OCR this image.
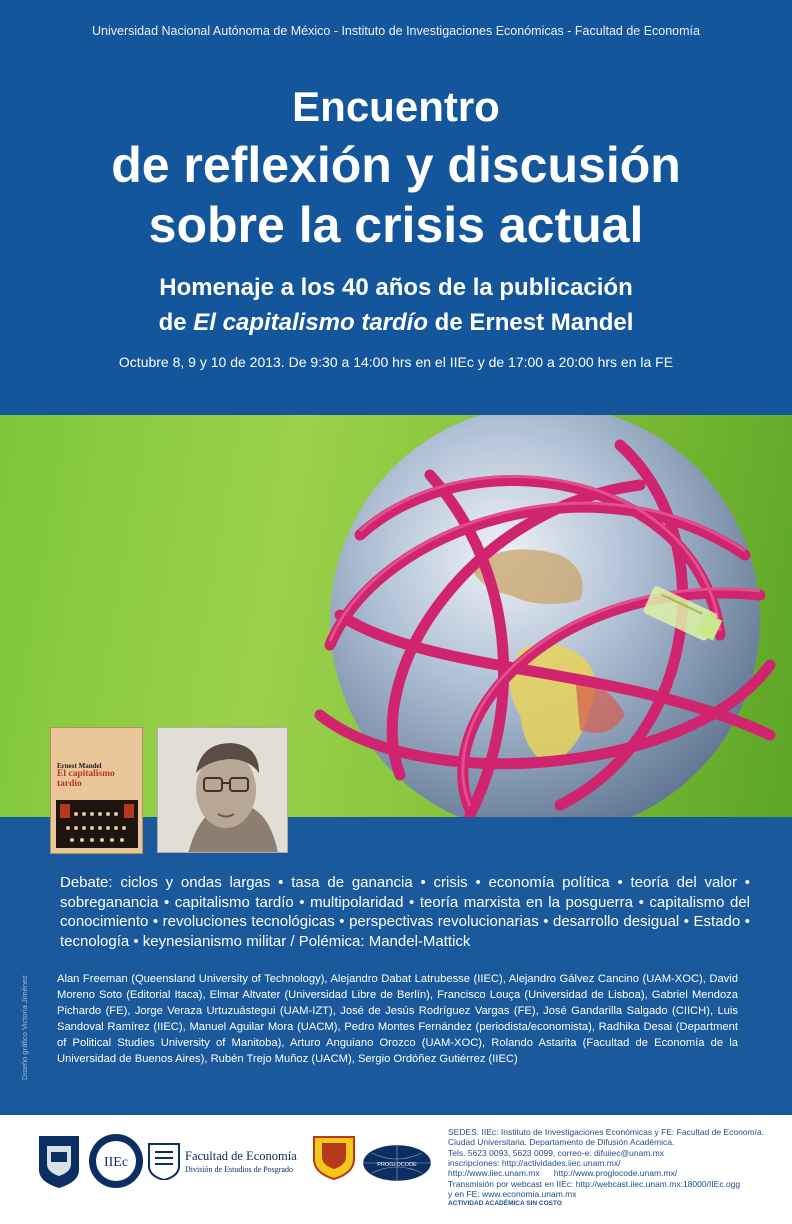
Universidad Nacional Autónoma de México - Instituto de Investigaciones Económicas - Facultad de Economía
Encuentro
de reflexión y discusión
sobre la crisis actual
Homenaje a los 40 años de la publicación
de El capitalismo tardío de Ernest Mandel
Octubre 8, 9 y 10 de 2013. De 9:30 a 14:00 hrs en el IIEc y de 17:00 a 20:00 hrs en la FE
Ernest Mandel
El capitalismo
tardío
Debate: ciclos y ondas largas • tasa de ganancia • crisis • economía política • teoría del valor • sobreganancia • capitalismo tardío • multipolaridad • teoría marxista en la posguerra • capitalismo del conocimiento • revoluciones tecnológicas • perspectivas revolucionarias • desarrollo desigual • Estado • tecnología • keynesianismo militar / Polémica: Mandel-Mattick
Diseño gráfico Victoria Jiménez	Alan Freeman (Queensland University of Technology), Alejandro Dabat Latrubesse (IIEC), Alejandro Gálvez Cancino (UAM-XOC), David Moreno Soto (Editorial Itaca), Elmar Altvater (Universidad Libre de Berlín), Francisco Louça (Universidad de Lisboa), Gabriel Mendoza Pichardo (FE), Jorge Veraza Urtuzuástegui (UAM-IZT), José de Jesús Rodríguez Vargas (FE), José Gandarilla Salgado (CIICH), Luis Sandoval Ramírez (IIEC), Manuel Aguilar Mora (UACM), Pedro Montes Fernández (periodista/economista), Radhika Desai (Department of Political Studies University of Manitoba), Arturo Anguiano Orozco (UAM-XOC), Rolando Astarita (Facultad de Economía de la Universidad de Buenos Aires), Rubén Trejo Muñoz (UACM), Sergio Ordóñez Gutiérrez (IIEC)
IIEc	Facultad de Economía
División de Estudios de Posgrado	PROGLOCODE
SEDES: IIEc: Instituto de Investigaciones Económicas y FE: Facultad de Economía.
Ciudad Universitaria. Departamento de Difusión Académica.
Tels. 5623 0093, 5623 0099, correo-e: difuiiec@unam.mx
inscripciones: http://actividades.iiec.unam.mx/
http://www.iiec.unam.mx      http://www.proglocode.unam.mx/
Transmisión por webcast en IIEc: http://webcast.iiec.unam.mx:18000/IIEc.ogg
y en FE: www.economia.unam.mx
ACTIVIDAD ACADÉMICA SIN COSTO
